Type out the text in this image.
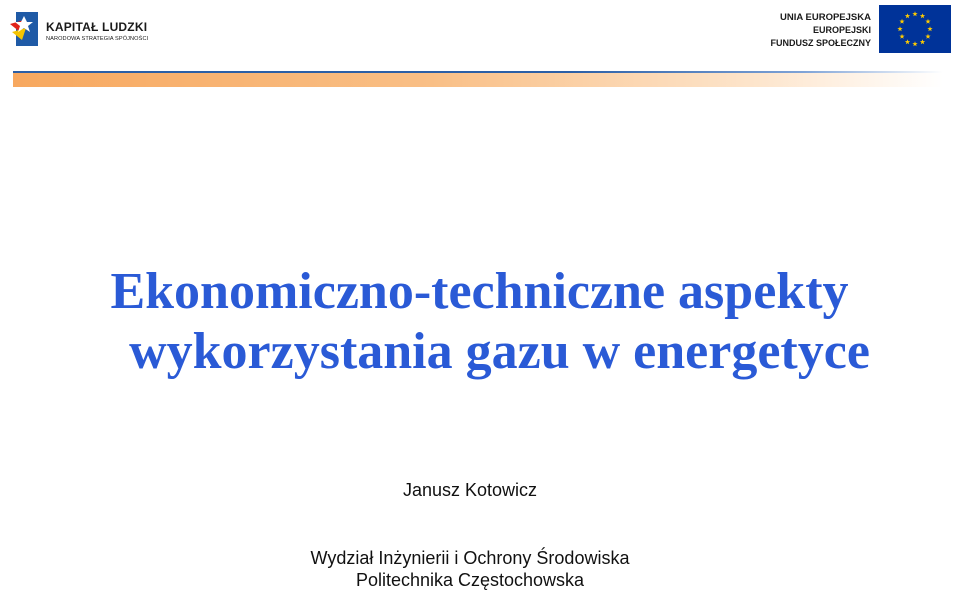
KAPITAŁ LUDZKI
NARODOWA STRATEGIA SPÓJNOŚCI
UNIA EUROPEJSKA
EUROPEJSKI
FUNDUSZ SPOŁECZNY
Ekonomiczno-techniczne aspekty
wykorzystania gazu w energetyce
Janusz Kotowicz
Wydział Inżynierii i Ochrony Środowiska
Politechnika Częstochowska
